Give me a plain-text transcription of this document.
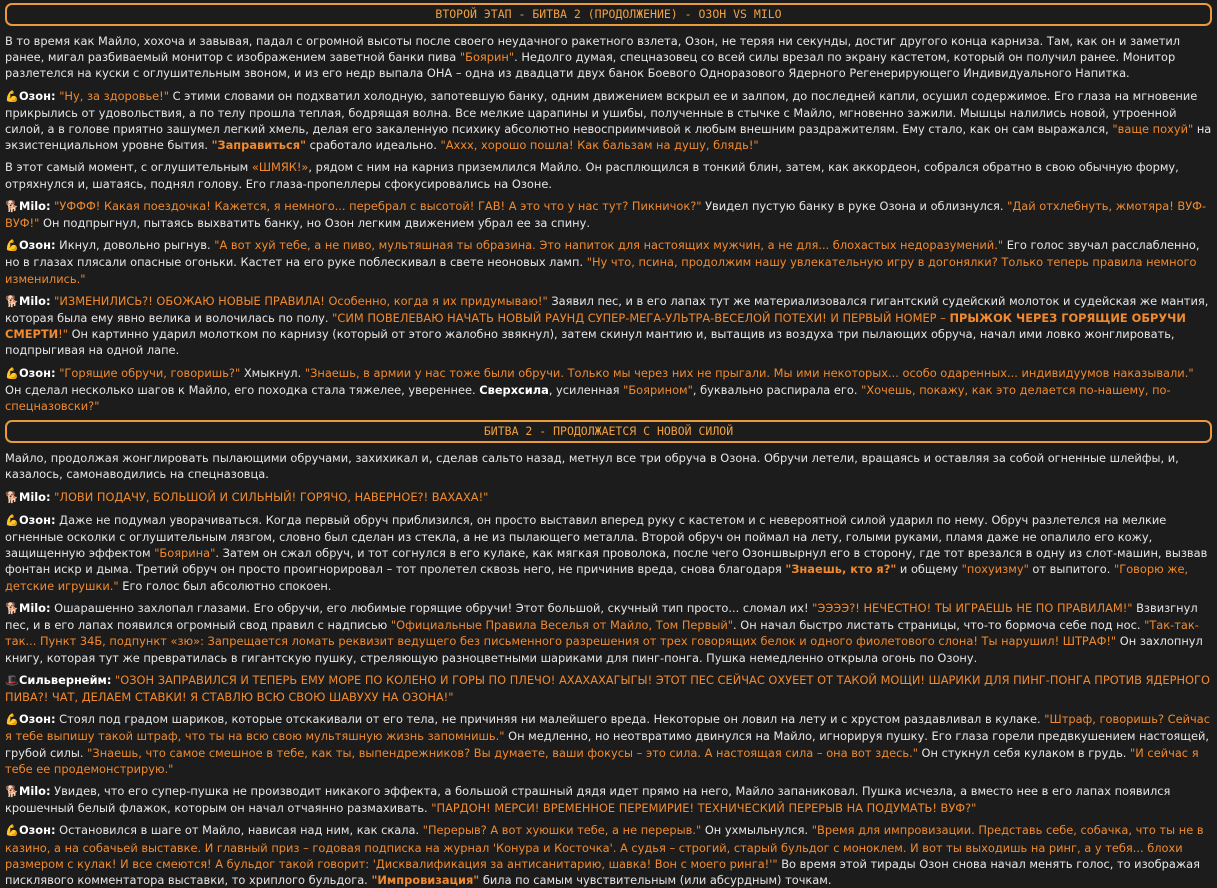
ВТОРОЙ ЭТАП - БИТВА 2 (ПРОДОЛЖЕНИЕ) - ОЗОН VS MILO

В то время как Майло, хохоча и завывая, падал с огромной высоты после своего неудачного ракетного взлета, Озон, не теряя ни секунды, достиг другого конца карниза. Там, как он и заметил ранее, мигал разбиваемый монитор с изображением заветной банки пива "Боярин". Недолго думая, спецназовец со всей силы врезал по экрану кастетом, который он получил ранее. Монитор разлетелся на куски с оглушительным звоном, и из его недр выпала ОНА – одна из двадцати двух банок Боевого Одноразового Ядерного Регенерирующего Индивидуального Напитка.

💪Озон: "Ну, за здоровье!" С этими словами он подхватил холодную, запотевшую банку, одним движением вскрыл ее и залпом, до последней капли, осушил содержимое. Его глаза на мгновение прикрылись от удовольствия, а по телу прошла теплая, бодрящая волна. Все мелкие царапины и ушибы, полученные в стычке с Майло, мгновенно зажили. Мышцы налились новой, утроенной силой, а в голове приятно зашумел легкий хмель, делая его закаленную психику абсолютно невосприимчивой к любым внешним раздражителям. Ему стало, как он сам выражался, "ваще похуй" на экзистенциальном уровне бытия. "Заправиться" сработало идеально. "Аххх, хорошо пошла! Как бальзам на душу, блядь!"

В этот самый момент, с оглушительным «ШМЯК!», рядом с ним на карниз приземлился Майло. Он расплющился в тонкий блин, затем, как аккордеон, собрался обратно в свою обычную форму, отряхнулся и, шатаясь, поднял голову. Его глаза-пропеллеры сфокусировались на Озоне.

🐕Milo: "УФФФ! Какая поездочка! Кажется, я немного... перебрал с высотой! ГАВ! А это что у нас тут? Пикничок?" Увидел пустую банку в руке Озона и облизнулся. "Дай отхлебнуть, жмотяра! ВУФ-ВУФ!" Он подпрыгнул, пытаясь выхватить банку, но Озон легким движением убрал ее за спину.

💪Озон: Икнул, довольно рыгнув. "А вот хуй тебе, а не пиво, мультяшная ты образина. Это напиток для настоящих мужчин, а не для... блохастых недоразумений." Его голос звучал расслабленно, но в глазах плясали опасные огоньки. Кастет на его руке поблескивал в свете неоновых ламп. "Ну что, псина, продолжим нашу увлекательную игру в догонялки? Только теперь правила немного изменились."

🐕Milo: "ИЗМЕНИЛИСЬ?! ОБОЖАЮ НОВЫЕ ПРАВИЛА! Особенно, когда я их придумываю!" Заявил пес, и в его лапах тут же материализовался гигантский судейский молоток и судейская же мантия, которая была ему явно велика и волочилась по полу. "СИМ ПОВЕЛЕВАЮ НАЧАТЬ НОВЫЙ РАУНД СУПЕР-МЕГА-УЛЬТРА-ВЕСЕЛОЙ ПОТЕХИ! И ПЕРВЫЙ НОМЕР – ПРЫЖОК ЧЕРЕЗ ГОРЯЩИЕ ОБРУЧИ СМЕРТИ!" Он картинно ударил молотком по карнизу (который от этого жалобно звякнул), затем скинул мантию и, вытащив из воздуха три пылающих обруча, начал ими ловко жонглировать, подпрыгивая на одной лапе.

💪Озон: "Горящие обручи, говоришь?" Хмыкнул. "Знаешь, в армии у нас тоже были обручи. Только мы через них не прыгали. Мы ими некоторых... особо одаренных... индивидуумов наказывали." Он сделал несколько шагов к Майло, его походка стала тяжелее, увереннее. Сверхсила, усиленная "Боярином", буквально распирала его. "Хочешь, покажу, как это делается по-нашему, по-спецназовски?"

БИТВА 2 - ПРОДОЛЖАЕТСЯ С НОВОЙ СИЛОЙ

Майло, продолжая жонглировать пылающими обручами, захихикал и, сделав сальто назад, метнул все три обруча в Озона. Обручи летели, вращаясь и оставляя за собой огненные шлейфы, и, казалось, самонаводились на спецназовца.

🐕Milo: "ЛОВИ ПОДАЧУ, БОЛЬШОЙ И СИЛЬНЫЙ! ГОРЯЧО, НАВЕРНОЕ?! ВАХАХА!"

💪Озон: Даже не подумал уворачиваться. Когда первый обруч приблизился, он просто выставил вперед руку с кастетом и с невероятной силой ударил по нему. Обруч разлетелся на мелкие огненные осколки с оглушительным лязгом, словно был сделан из стекла, а не из пылающего металла. Второй обруч он поймал на лету, голыми руками, пламя даже не опалило его кожу, защищенную эффектом "Боярина". Затем он сжал обруч, и тот согнулся в его кулаке, как мягкая проволока, после чего Озоншвырнул его в сторону, где тот врезался в одну из слот-машин, вызвав фонтан искр и дыма. Третий обруч он просто проигнорировал – тот пролетел сквозь него, не причинив вреда, снова благодаря "Знаешь, кто я?" и общему "похуизму" от выпитого. "Говорю же, детские игрушки." Его голос был абсолютно спокоен.

🐕Milo: Ошарашенно захлопал глазами. Его обручи, его любимые горящие обручи! Этот большой, скучный тип просто... сломал их! "ЭЭЭЭ?! НЕЧЕСТНО! ТЫ ИГРАЕШЬ НЕ ПО ПРАВИЛАМ!" Взвизгнул пес, и в его лапах появился огромный свод правил с надписью "Официальные Правила Веселья от Майло, Том Первый". Он начал быстро листать страницы, что-то бормоча себе под нос. "Так-так-так... Пункт 34Б, подпункт «зю»: Запрещается ломать реквизит ведущего без письменного разрешения от трех говорящих белок и одного фиолетового слона! Ты нарушил! ШТРАФ!" Он захлопнул книгу, которая тут же превратилась в гигантскую пушку, стреляющую разноцветными шариками для пинг-понга. Пушка немедленно открыла огонь по Озону.

🎩Сильвернейм: "ОЗОН ЗАПРАВИЛСЯ И ТЕПЕРЬ ЕМУ МОРЕ ПО КОЛЕНО И ГОРЫ ПО ПЛЕЧО! АХАХАХАГЫГЫ! ЭТОТ ПЕС СЕЙЧАС ОХУЕЕТ ОТ ТАКОЙ МОЩИ! ШАРИКИ ДЛЯ ПИНГ-ПОНГА ПРОТИВ ЯДЕРНОГО ПИВА?! ЧАТ, ДЕЛАЕМ СТАВКИ! Я СТАВЛЮ ВСЮ СВОЮ ШАВУХУ НА ОЗОНА!"

💪Озон: Стоял под градом шариков, которые отскакивали от его тела, не причиняя ни малейшего вреда. Некоторые он ловил на лету и с хрустом раздавливал в кулаке. "Штраф, говоришь? Сейчас я тебе выпишу такой штраф, что ты на всю свою мультяшную жизнь запомнишь." Он медленно, но неотвратимо двинулся на Майло, игнорируя пушку. Его глаза горели предвкушением настоящей, грубой силы. "Знаешь, что самое смешное в тебе, как ты, выпендрежников? Вы думаете, ваши фокусы – это сила. А настоящая сила – она вот здесь." Он стукнул себя кулаком в грудь. "И сейчас я тебе ее продемонстрирую."

🐕Milo: Увидев, что его супер-пушка не производит никакого эффекта, а большой страшный дядя идет прямо на него, Майло запаниковал. Пушка исчезла, а вместо нее в его лапах появился крошечный белый флажок, которым он начал отчаянно размахивать. "ПАРДОН! МЕРСИ! ВРЕМЕННОЕ ПЕРЕМИРИЕ! ТЕХНИЧЕСКИЙ ПЕРЕРЫВ НА ПОДУМАТЬ! ВУФ?"

💪Озон: Остановился в шаге от Майло, нависая над ним, как скала. "Перерыв? А вот хуюшки тебе, а не перерыв." Он ухмыльнулся. "Время для импровизации. Представь себе, собачка, что ты не в казино, а на собачьей выставке. И главный приз – годовая подписка на журнал 'Конура и Косточка'. А судья – строгий, старый бульдог с моноклем. И вот ты выходишь на ринг, а у тебя... блохи размером с кулак! И все смеются! А бульдог такой говорит: 'Дисквалификация за антисанитарию, шавка! Вон с моего ринга!'" Во время этой тирады Озон снова начал менять голос, то изображая писклявого комментатора выставки, то хриплого бульдога. "Импровизация" била по самым чувствительным (или абсурдным) точкам.
